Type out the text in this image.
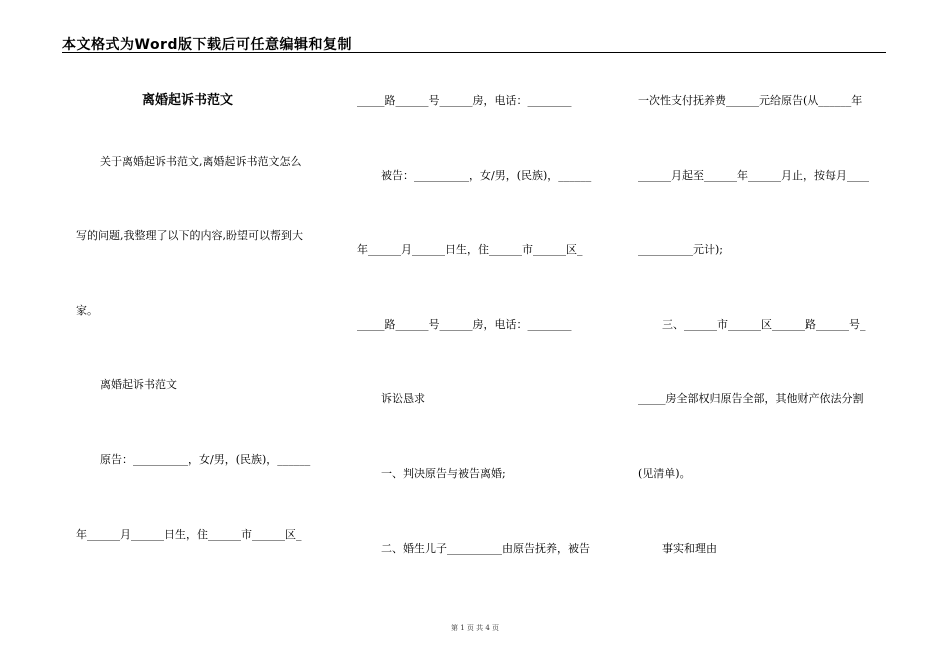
本文格式为Word版下载后可任意编辑和复制
离婚起诉书范文
关于离婚起诉书范文,离婚起诉书范文怎么
写的问题,我整理了以下的内容,盼望可以帮到大
家。
离婚起诉书范文
原告：__________，女/男，(民族)，______
年______月______日生，住______市______区_
_____路______号______房，电话：________
被告：__________，女/男，(民族)，______
年______月______日生，住______市______区_
_____路______号______房，电话：________
诉讼恳求
一、判决原告与被告离婚;
二、婚生儿子__________由原告抚养，被告
一次性支付抚养费______元给原告(从______年
______月起至______年______月止，按每月____
__________元计);
三、______市______区______路______号_
_____房全部权归原告全部，其他财产依法分割
(见清单)。
事实和理由
第 1 页 共 4 页
